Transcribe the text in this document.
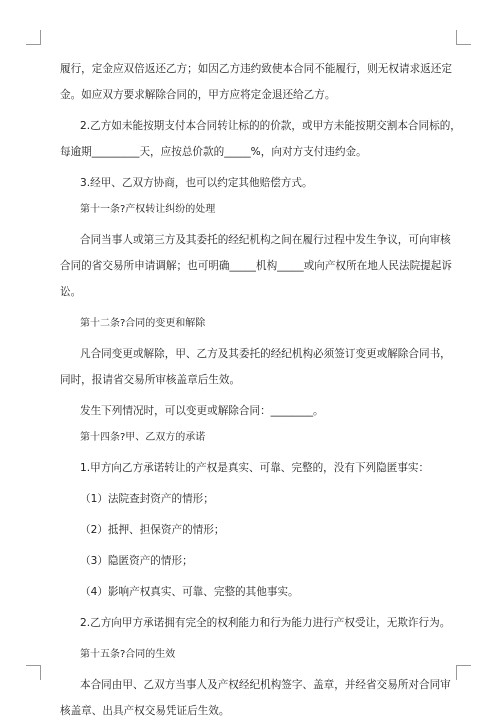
履行，定金应双倍返还乙方；如因乙方违约致使本合同不能履行，则无权请求返还定
金。如应双方要求解除合同的，甲方应将定金退还给乙方。
2.乙方如未能按期支付本合同转让标的的价款，或甲方未能按期交割本合同标的，
每逾期_________天，应按总价款的_____%，向对方支付违约金。
3.经甲、乙双方协商，也可以约定其他赔偿方式。
第十一条?产权转让纠纷的处理
合同当事人或第三方及其委托的经纪机构之间在履行过程中发生争议，可向审核
合同的省交易所申请调解；也可明确_____机构_____或向产权所在地人民法院提起诉
讼。
第十二条?合同的变更和解除
凡合同变更或解除，甲、乙方及其委托的经纪机构必须签订变更或解除合同书，
同时，报请省交易所审核盖章后生效。
发生下列情况时，可以变更或解除合同：________。
第十四条?甲、乙双方的承诺
1.甲方向乙方承诺转让的产权是真实、可靠、完整的，没有下列隐匿事实：
（1）法院查封资产的情形；
（2）抵押、担保资产的情形；
（3）隐匿资产的情形；
（4）影响产权真实、可靠、完整的其他事实。
2.乙方向甲方承诺拥有完全的权利能力和行为能力进行产权受让，无欺诈行为。
第十五条?合同的生效
本合同由甲、乙双方当事人及产权经纪机构签字、盖章，并经省交易所对合同审
核盖章、出具产权交易凭证后生效。
